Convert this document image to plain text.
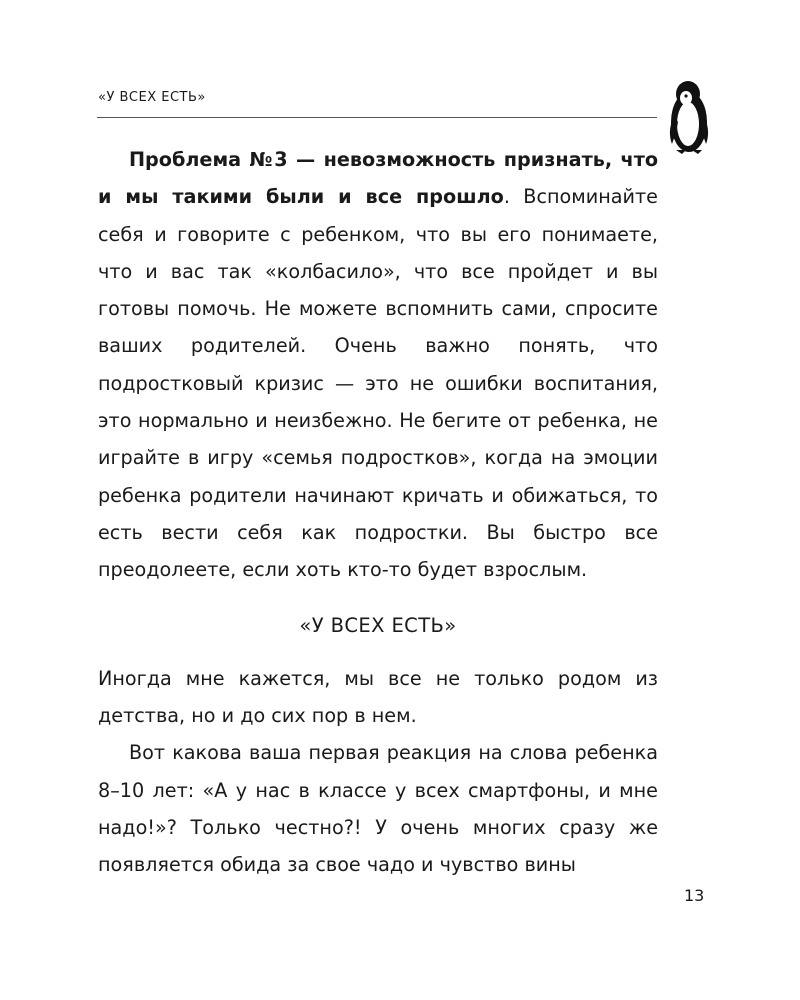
«У ВСЕХ ЕСТЬ»

Проблема №3 — невозможность признать, что и мы такими были и все прошло. Вспоминайте себя и говорите с ребенком, что вы его понимаете, что и вас так «колбасило», что все пройдет и вы готовы помочь. Не можете вспомнить сами, спросите ваших родителей. Очень важно понять, что подростковый кризис — это не ошибки воспитания, это нормально и неизбежно. Не бегите от ребенка, не играйте в игру «семья подростков», когда на эмоции ребенка родители начинают кричать и обижаться, то есть вести себя как подростки. Вы быстро все преодолеете, если хоть кто-то будет взрослым.

«У ВСЕХ ЕСТЬ»

Иногда мне кажется, мы все не только родом из детства, но и до сих пор в нем.

Вот какова ваша первая реакция на слова ребенка 8–10 лет: «А у нас в классе у всех смартфоны, и мне надо!»? Только честно?! У очень многих сразу же появляется обида за свое чадо и чувство вины

13
